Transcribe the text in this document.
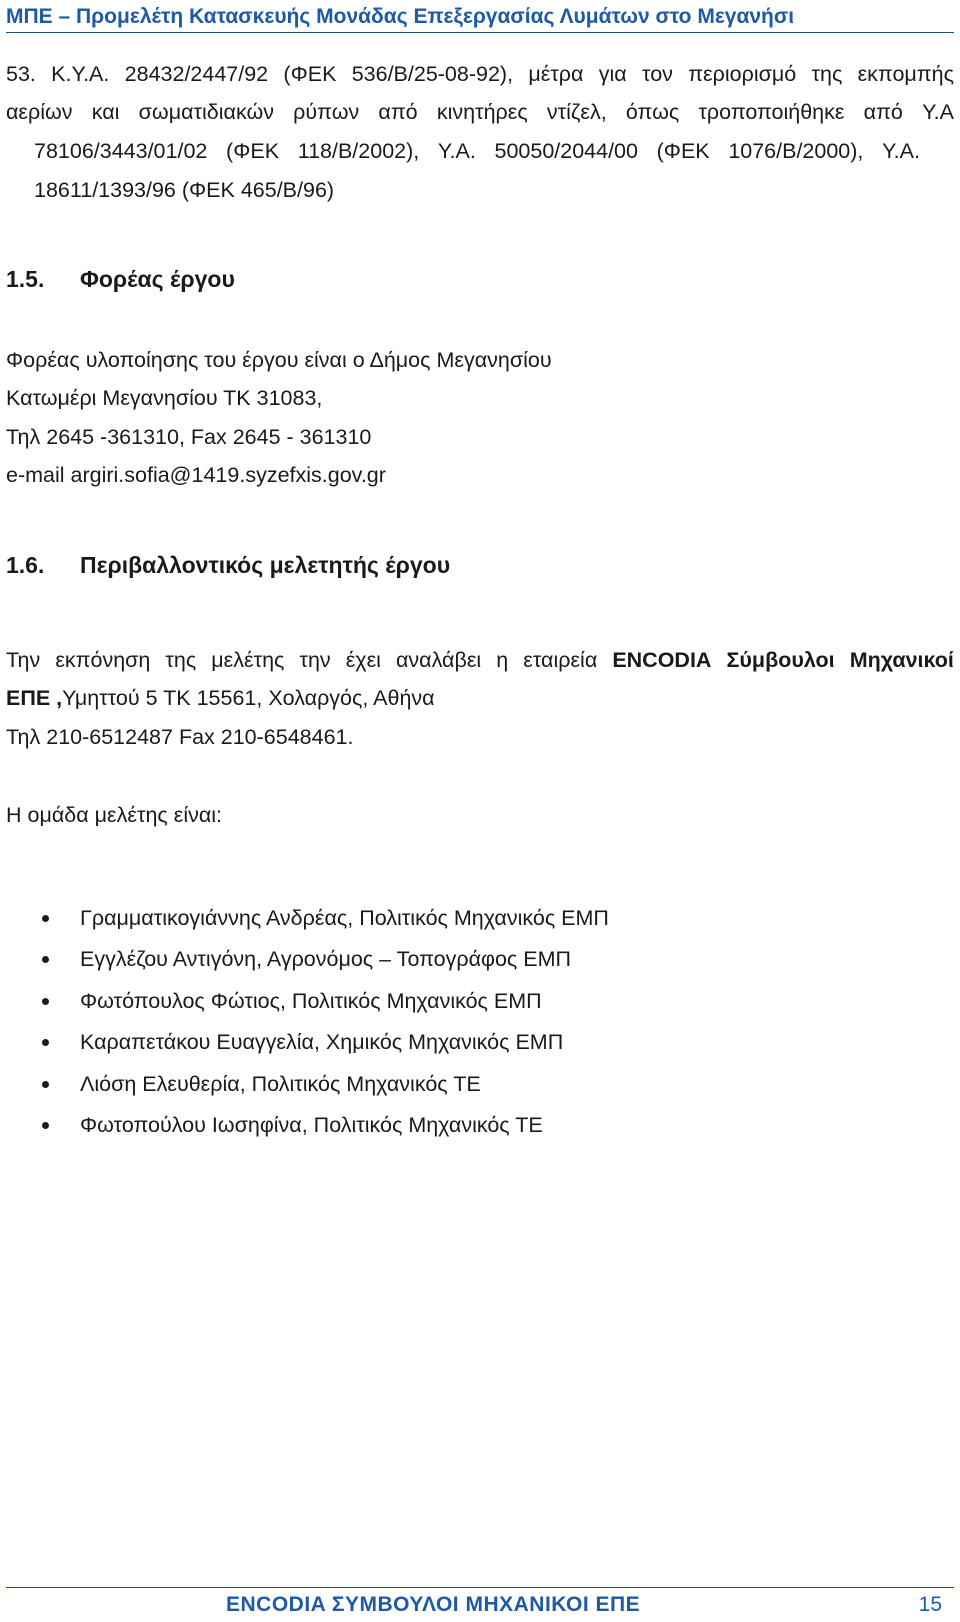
ΜΠΕ – Προμελέτη Κατασκευής Μονάδας Επεξεργασίας Λυμάτων στο Μεγανήσι
53. Κ.Υ.Α. 28432/2447/92 (ΦΕΚ 536/Β/25-08-92), μέτρα για τον περιορισμό της εκπομπής
αερίων και σωματιδιακών ρύπων από κινητήρες ντίζελ, όπως τροποποιήθηκε από Υ.Α
78106/3443/01/02 (ΦΕΚ 118/Β/2002), Υ.Α. 50050/2044/00 (ΦΕΚ 1076/Β/2000), Υ.Α.
18611/1393/96 (ΦΕΚ 465/Β/96)
1.5. Φορέας έργου
Φορέας υλοποίησης του έργου είναι ο Δήμος Μεγανησίου
Κατωμέρι Μεγανησίου ΤΚ 31083,
Τηλ 2645 -361310, Fax 2645 - 361310
e-mail argiri.sofia@1419.syzefxis.gov.gr
1.6. Περιβαλλοντικός μελετητής έργου
Την εκπόνηση της μελέτης την έχει αναλάβει η εταιρεία ENCODIA Σύμβουλοι Μηχανικοί
ΕΠΕ ,Υμηττού 5 ΤΚ 15561, Χολαργός, Αθήνα
Τηλ 210-6512487 Fax 210-6548461.
Η ομάδα μελέτης είναι:
Γραμματικογιάννης Ανδρέας, Πολιτικός Μηχανικός ΕΜΠ
Εγγλέζου Αντιγόνη, Αγρονόμος – Τοπογράφος ΕΜΠ
Φωτόπουλος Φώτιος, Πολιτικός Μηχανικός ΕΜΠ
Καραπετάκου Ευαγγελία, Χημικός Μηχανικός ΕΜΠ
Λιόση Ελευθερία, Πολιτικός Μηχανικός ΤΕ
Φωτοπούλου Ιωσηφίνα, Πολιτικός Μηχανικός ΤΕ
ENCODIA ΣΥΜΒΟΥΛΟΙ ΜΗΧΑΝΙΚΟΙ ΕΠΕ	15
